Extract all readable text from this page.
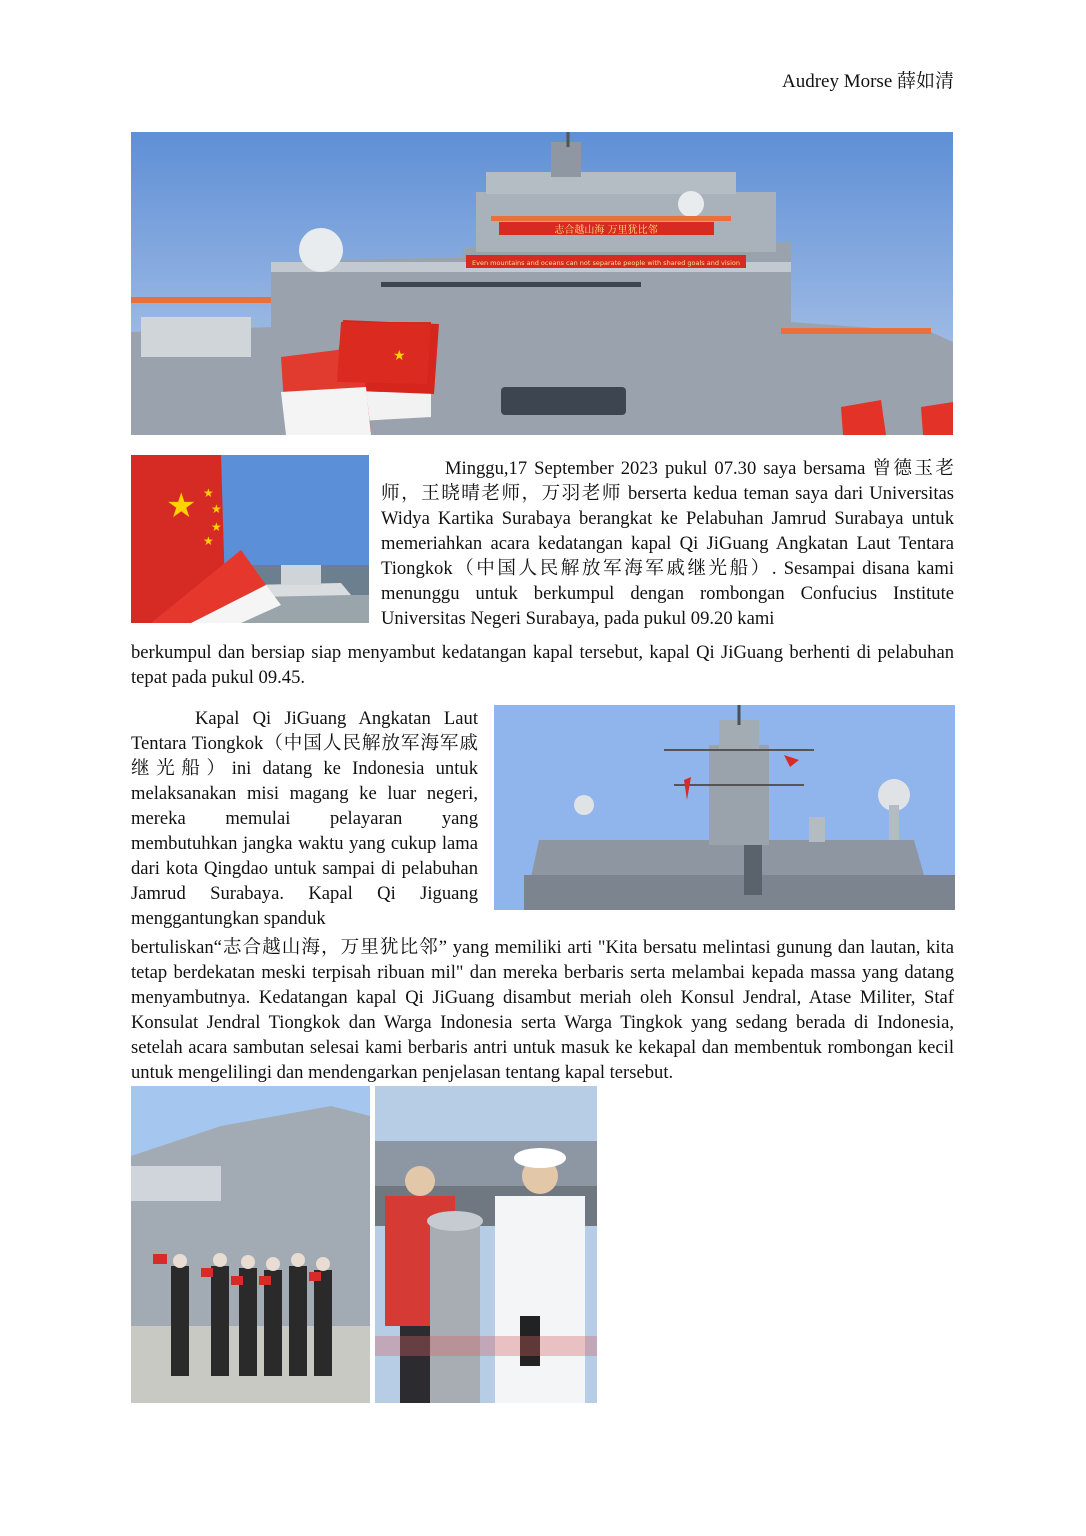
Audrey Morse 薛如清
志合越山海 万里犹比邻
Even mountains and oceans can not separate people with shared goals and vision
★
★ ★
★
★
★

Minggu,17 September 2023 pukul 07.30 saya bersama 曾德玉老师，王晓晴老师，万羽老师 berserta kedua teman saya dari Universitas Widya Kartika Surabaya berangkat ke Pelabuhan Jamrud Surabaya untuk memeriahkan acara kedatangan kapal Qi JiGuang Angkatan Laut Tentara Tiongkok（中国人民解放军海军戚继光船）. Sesampai disana kami menunggu untuk berkumpul dengan rombongan Confucius Institute Universitas Negeri Surabaya, pada pukul 09.20 kami

berkumpul dan bersiap siap menyambut kedatangan kapal tersebut, kapal Qi JiGuang berhenti di pelabuhan tepat pada pukul 09.45.

Kapal Qi JiGuang Angkatan Laut Tentara Tiongkok（中国人民解放军海军戚继光船）ini datang ke Indonesia untuk melaksanakan misi magang ke luar negeri, mereka memulai pelayaran yang membutuhkan jangka waktu yang cukup lama dari kota Qingdao untuk sampai di pelabuhan Jamrud Surabaya. Kapal Qi Jiguang menggantungkan spanduk

bertuliskan“志合越山海，万里犹比邻” yang memiliki arti "Kita bersatu melintasi gunung dan lautan, kita tetap berdekatan meski terpisah ribuan mil" dan mereka berbaris serta melambai kepada massa yang datang menyambutnya. Kedatangan kapal Qi JiGuang disambut meriah oleh Konsul Jendral, Atase Militer, Staf Konsulat Jendral Tiongkok dan Warga Indonesia serta Warga Tingkok yang sedang berada di Indonesia, setelah acara sambutan selesai kami berbaris antri untuk masuk ke kekapal dan membentuk rombongan kecil untuk mengelilingi dan mendengarkan penjelasan tentang kapal tersebut.
